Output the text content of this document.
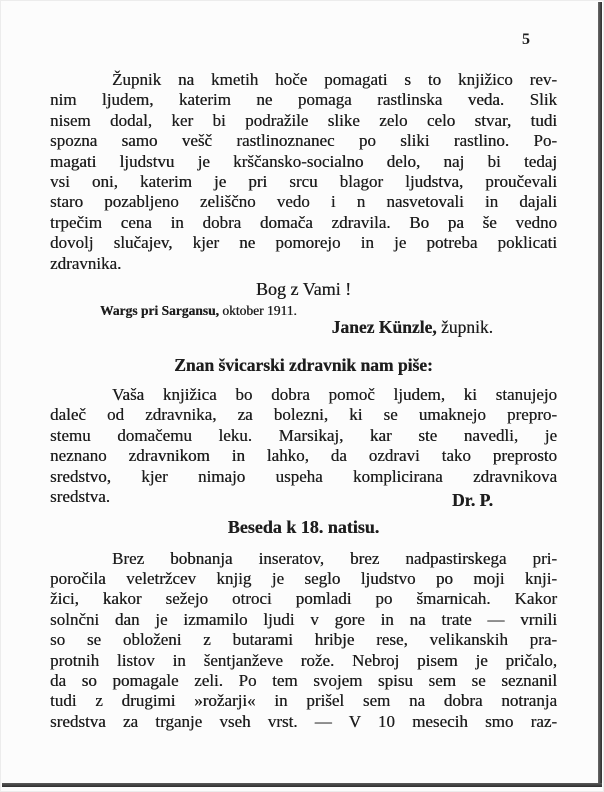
5
Župnik na kmetih hoče pomagati s to knjižico rev-
nim ljudem, katerim ne pomaga rastlinska veda. Slik
nisem dodal, ker bi podražile slike zelo celo stvar, tudi
spozna samo vešč rastlinoznanec po sliki rastlino. Po-
magati ljudstvu je krščansko-socialno delo, naj bi tedaj
vsi oni, katerim je pri srcu blagor ljudstva, proučevali
staro pozabljeno zeliščno vedo i n nasvetovali in dajali
trpečim cena in dobra domača zdravila. Bo pa še vedno
dovolj slučajev, kjer ne pomorejo in je potreba poklicati
zdravnika.
Bog z Vami !
Wargs pri Sargansu, oktober 1911.
Janez Künzle, župnik.
Znan švicarski zdravnik nam piše:
Vaša knjižica bo dobra pomoč ljudem, ki stanujejo
daleč od zdravnika, za bolezni, ki se umaknejo prepro-
stemu domačemu leku. Marsikaj, kar ste navedli, je
neznano zdravnikom in lahko, da ozdravi tako preprosto
sredstvo, kjer nimajo uspeha komplicirana zdravnikova
sredstva.	Dr. P.
Beseda k 18. natisu.
Brez bobnanja inseratov, brez nadpastirskega pri-
poročila veletržcev knjig je seglo ljudstvo po moji knji-
žici, kakor sežejo otroci pomladi po šmarnicah. Kakor
solnčni dan je izmamilo ljudi v gore in na trate — vrnili
so se obloženi z butarami hribje rese, velikanskih pra-
protnih listov in šentjanževe rože. Nebroj pisem je pričalo,
da so pomagale zeli. Po tem svojem spisu sem se seznanil
tudi z drugimi »rožarji« in prišel sem na dobra notranja
sredstva za trganje vseh vrst. — V 10 mesecih smo raz-
